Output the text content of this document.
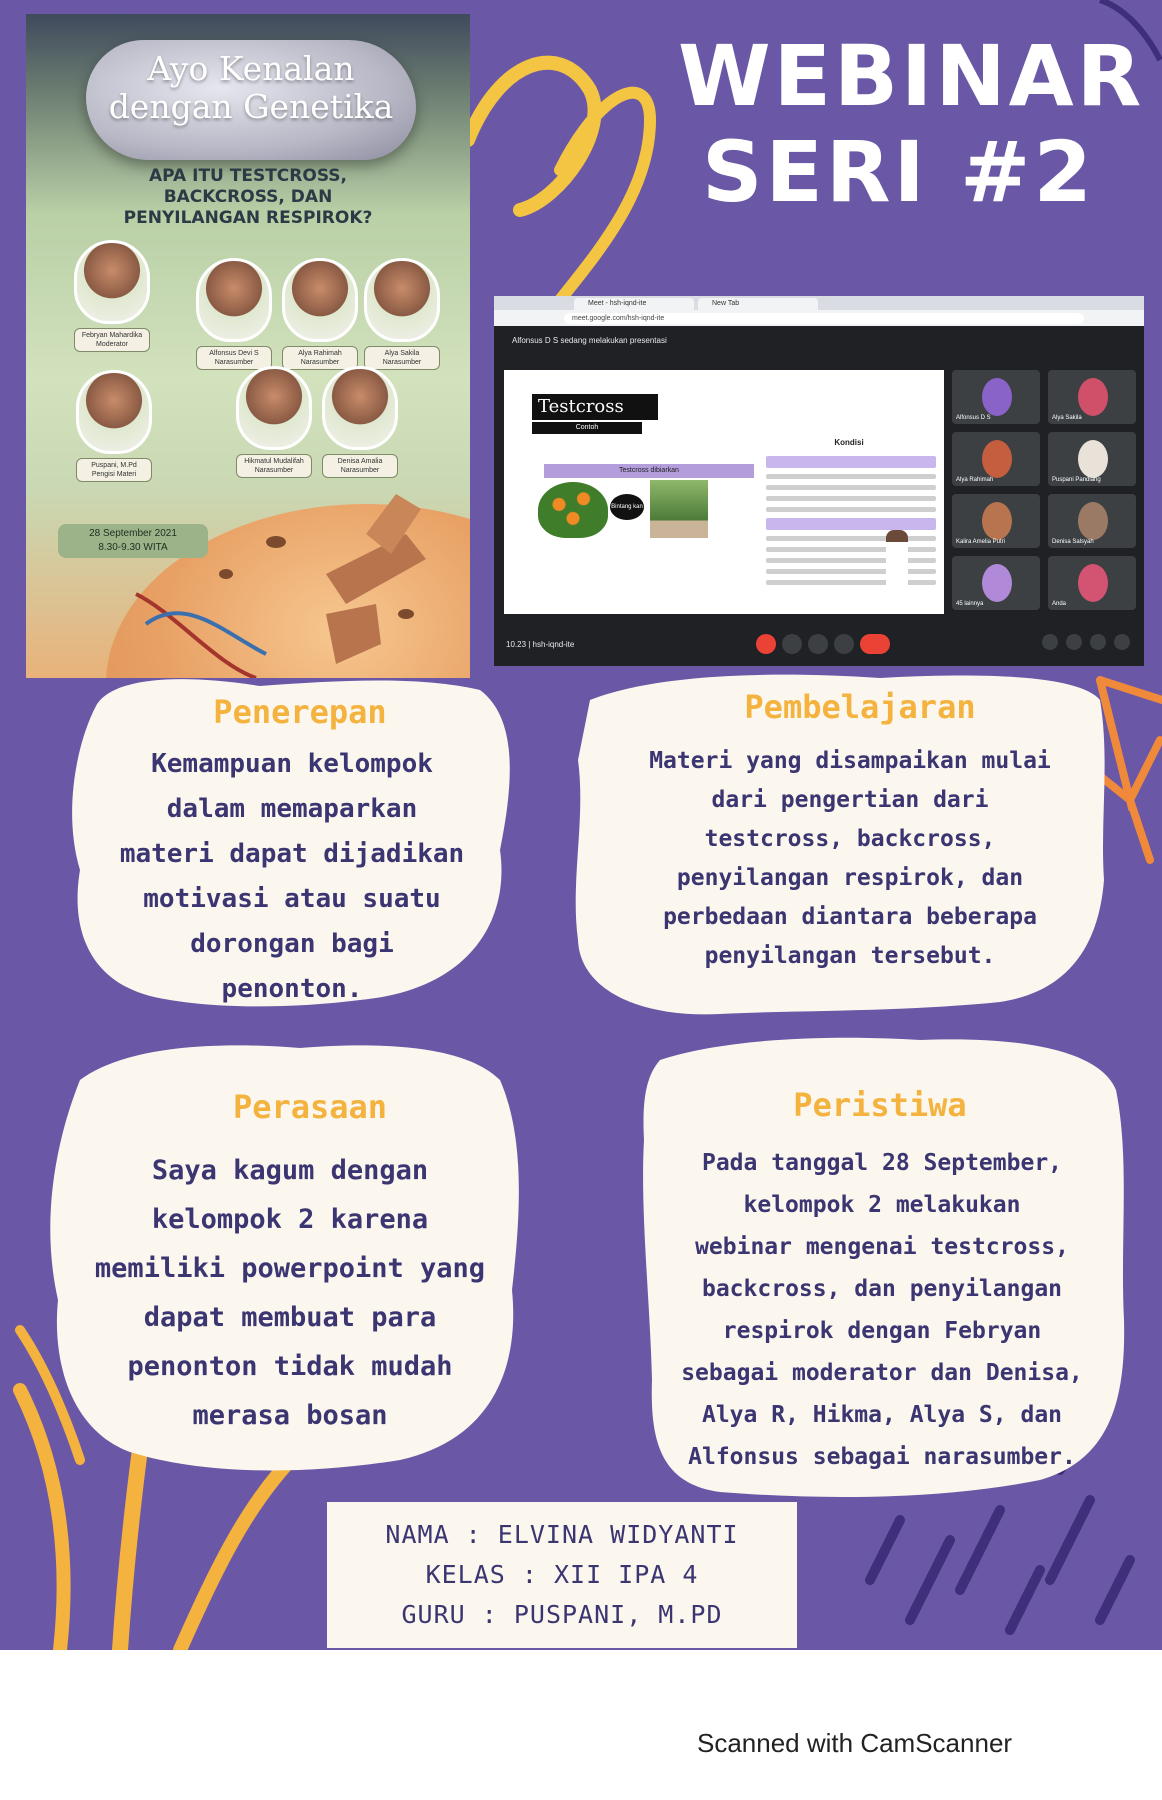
Ayo Kenalan
dengan Genetika
APA ITU TESTCROSS,
BACKCROSS, DAN
PENYILANGAN RESPIROK?
Febryan Mahardika
Moderator
Alfonsus Devi S
Narasumber
Alya Rahimah
Narasumber
Alya Sakila
Narasumber
Puspani, M.Pd
Pengisi Materi
Hikmatul Mudalifah
Narasumber
Denisa Amalia
Narasumber
28 September 2021
8.30-9.30 WITA
WEBINAR
SERI #2
Meet - hsh-iqnd-ite	New Tab
meet.google.com/hsh-iqnd-ite
Alfonsus D S sedang melakukan presentasi
Testcross
Contoh
Testcross dibiarkan
Bintang kan
Kondisi
Alfonsus D S	Alya Sakila
Alya Rahimah	Puspani Pandiang
Kalira Amelia Putri	Denisa Salsyah
45 lainnya	Anda
10.23 | hsh-iqnd-ite
Penerepan
Kemampuan kelompok
dalam memaparkan
materi dapat dijadikan
motivasi atau suatu
dorongan bagi
penonton.
Pembelajaran
Materi yang disampaikan mulai
dari pengertian dari
testcross, backcross,
penyilangan respirok, dan
perbedaan diantara beberapa
penyilangan tersebut.
Perasaan
Saya kagum dengan
kelompok 2 karena
memiliki powerpoint yang
dapat membuat para
penonton tidak mudah
merasa bosan
Peristiwa
Pada tanggal 28 September,
kelompok 2 melakukan
webinar mengenai testcross,
backcross, dan penyilangan
respirok dengan Febryan
sebagai moderator dan Denisa,
Alya R, Hikma, Alya S, dan
Alfonsus sebagai narasumber.
NAMA : ELVINA WIDYANTI
KELAS : XII IPA 4
GURU : PUSPANI, M.PD
Scanned with CamScanner
